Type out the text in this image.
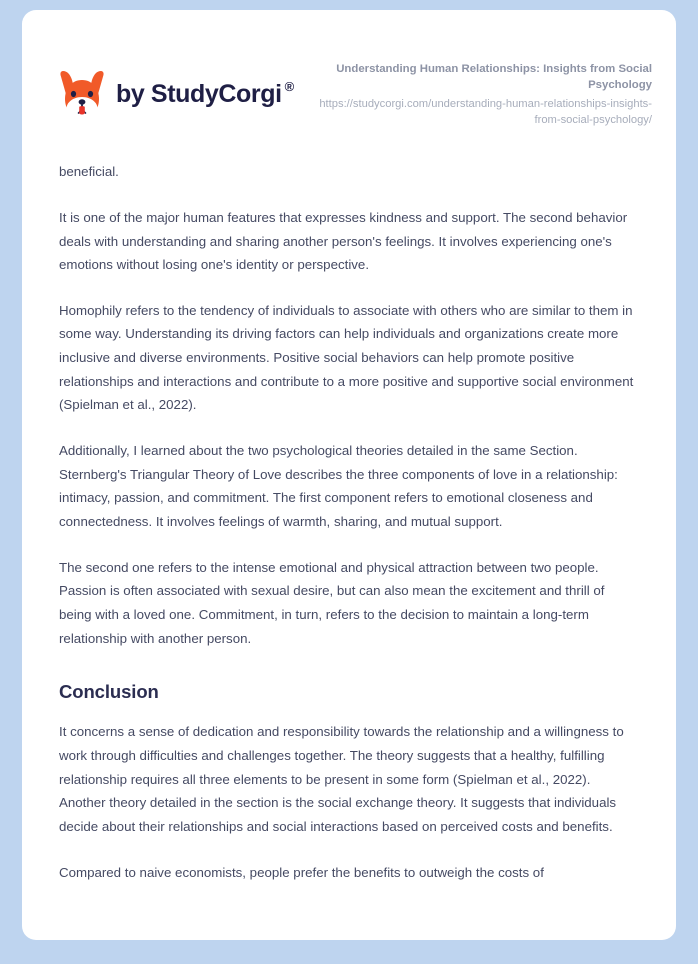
by StudyCorgi ®
Understanding Human Relationships: Insights from Social Psychology
https://studycorgi.com/understanding-human-relationships-insights-from-social-psychology/

beneficial.

It is one of the major human features that expresses kindness and support. The second behavior deals with understanding and sharing another person's feelings. It involves experiencing one's emotions without losing one's identity or perspective.

Homophily refers to the tendency of individuals to associate with others who are similar to them in some way. Understanding its driving factors can help individuals and organizations create more inclusive and diverse environments. Positive social behaviors can help promote positive relationships and interactions and contribute to a more positive and supportive social environment (Spielman et al., 2022).

Additionally, I learned about the two psychological theories detailed in the same Section. Sternberg's Triangular Theory of Love describes the three components of love in a relationship: intimacy, passion, and commitment. The first component refers to emotional closeness and connectedness. It involves feelings of warmth, sharing, and mutual support.

The second one refers to the intense emotional and physical attraction between two people. Passion is often associated with sexual desire, but can also mean the excitement and thrill of being with a loved one. Commitment, in turn, refers to the decision to maintain a long-term relationship with another person.

Conclusion

It concerns a sense of dedication and responsibility towards the relationship and a willingness to work through difficulties and challenges together. The theory suggests that a healthy, fulfilling relationship requires all three elements to be present in some form (Spielman et al., 2022). Another theory detailed in the section is the social exchange theory. It suggests that individuals decide about their relationships and social interactions based on perceived costs and benefits.

Compared to naive economists, people prefer the benefits to outweigh the costs of
